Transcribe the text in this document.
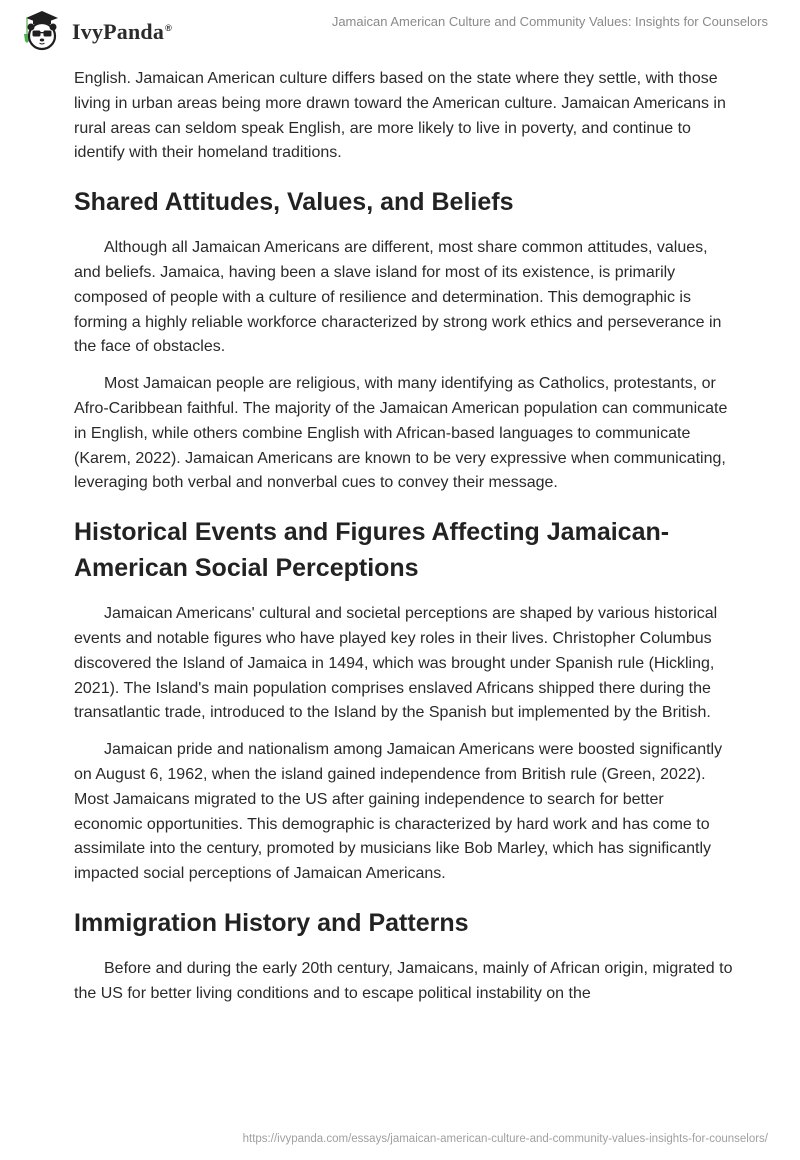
IvyPanda®	Jamaican American Culture and Community Values: Insights for Counselors

English. Jamaican American culture differs based on the state where they settle, with those living in urban areas being more drawn toward the American culture. Jamaican Americans in rural areas can seldom speak English, are more likely to live in poverty, and continue to identify with their homeland traditions.

Shared Attitudes, Values, and Beliefs

Although all Jamaican Americans are different, most share common attitudes, values, and beliefs. Jamaica, having been a slave island for most of its existence, is primarily composed of people with a culture of resilience and determination. This demographic is forming a highly reliable workforce characterized by strong work ethics and perseverance in the face of obstacles.

Most Jamaican people are religious, with many identifying as Catholics, protestants, or Afro-Caribbean faithful. The majority of the Jamaican American population can communicate in English, while others combine English with African-based languages to communicate (Karem, 2022). Jamaican Americans are known to be very expressive when communicating, leveraging both verbal and nonverbal cues to convey their message.

Historical Events and Figures Affecting Jamaican-American Social Perceptions

Jamaican Americans' cultural and societal perceptions are shaped by various historical events and notable figures who have played key roles in their lives. Christopher Columbus discovered the Island of Jamaica in 1494, which was brought under Spanish rule (Hickling, 2021). The Island's main population comprises enslaved Africans shipped there during the transatlantic trade, introduced to the Island by the Spanish but implemented by the British.

Jamaican pride and nationalism among Jamaican Americans were boosted significantly on August 6, 1962, when the island gained independence from British rule (Green, 2022). Most Jamaicans migrated to the US after gaining independence to search for better economic opportunities. This demographic is characterized by hard work and has come to assimilate into the century, promoted by musicians like Bob Marley, which has significantly impacted social perceptions of Jamaican Americans.

Immigration History and Patterns

Before and during the early 20th century, Jamaicans, mainly of African origin, migrated to the US for better living conditions and to escape political instability on the

https://ivypanda.com/essays/jamaican-american-culture-and-community-values-insights-for-counselors/
